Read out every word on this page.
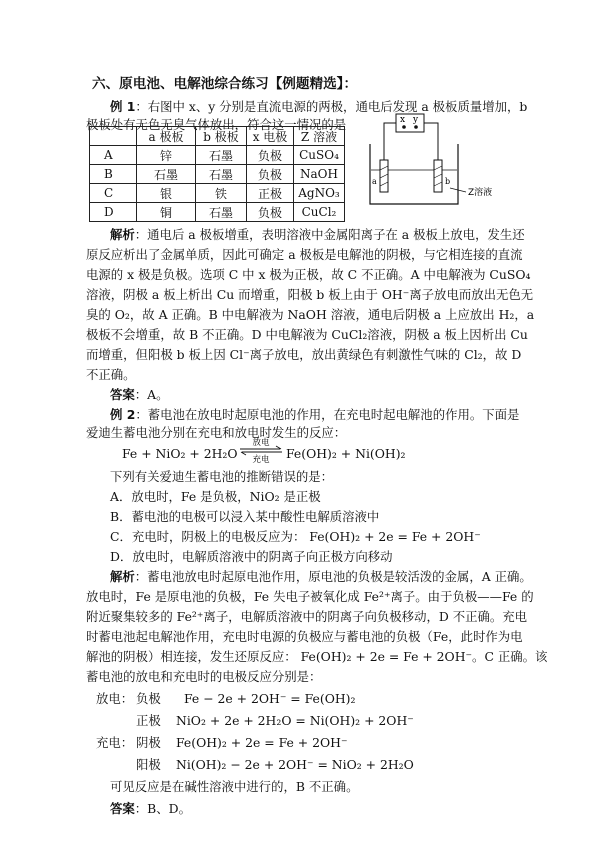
六、原电池、电解池综合练习【例题精选】：
例 1：右图中 x、y 分别是直流电源的两极，通电后发现 a 极板质量增加，b
极板处有无色无臭气体放出，符合这一情况的是
	a 极板	b 极板	x 电极	Z 溶液
A	锌	石墨	负极	CuSO₄
B	石墨	石墨	负极	NaOH
C	银	铁	正极	AgNO₃
D	铜	石墨	负极	CuCl₂
x y
a	b
Z溶液
解析：通电后 a 极板增重，表明溶液中金属阳离子在 a 极板上放电，发生还
原反应析出了金属单质，因此可确定 a 极板是电解池的阴极，与它相连接的直流
电源的 x 极是负极。选项 C 中 x 极为正极，故 C 不正确。A 中电解液为 CuSO₄
溶液，阴极 a 板上析出 Cu 而增重，阳极 b 板上由于 OH⁻离子放电而放出无色无
臭的 O₂，故 A 正确。B 中电解液为 NaOH 溶液，通电后阴极 a 上应放出 H₂，a
极板不会增重，故 B 不正确。D 中电解液为 CuCl₂溶液，阴极 a 板上因析出 Cu
而增重，但阳极 b 板上因 Cl⁻离子放电，放出黄绿色有刺激性气味的 Cl₂，故 D
不正确。
答案：A。
例 2：蓄电池在放电时起原电池的作用，在充电时起电解池的作用。下面是
爱迪生蓄电池分别在充电和放电时发生的反应：
Fe + NiO₂ + 2H₂O
放电
充电 Fe(OH)₂ + Ni(OH)₂
下列有关爱迪生蓄电池的推断错误的是：
A．放电时，Fe 是负极，NiO₂ 是正极
B．蓄电池的电极可以浸入某中酸性电解质溶液中
C．充电时，阴极上的电极反应为： Fe(OH)₂ + 2e = Fe + 2OH⁻
D．放电时，电解质溶液中的阴离子向正极方向移动
解析：蓄电池放电时起原电池作用，原电池的负极是较活泼的金属，A 正确。
放电时，Fe 是原电池的负极，Fe 失电子被氧化成 Fe²⁺离子。由于负极——Fe 的
附近聚集较多的 Fe²⁺离子，电解质溶液中的阴离子向负极移动，D 不正确。充电
时蓄电池起电解池作用，充电时电源的负极应与蓄电池的负极（Fe，此时作为电
解池的阴极）相连接，发生还原反应： Fe(OH)₂ + 2e = Fe + 2OH⁻。C 正确。该
蓄电池的放电和充电时的电极反应分别是：
放电： 负极 Fe − 2e + 2OH⁻ = Fe(OH)₂
正极 NiO₂ + 2e + 2H₂O = Ni(OH)₂ + 2OH⁻
充电： 阴极 Fe(OH)₂ + 2e = Fe + 2OH⁻
阳极 Ni(OH)₂ − 2e + 2OH⁻ = NiO₂ + 2H₂O
可见反应是在碱性溶液中进行的，B 不正确。
答案：B、D。
